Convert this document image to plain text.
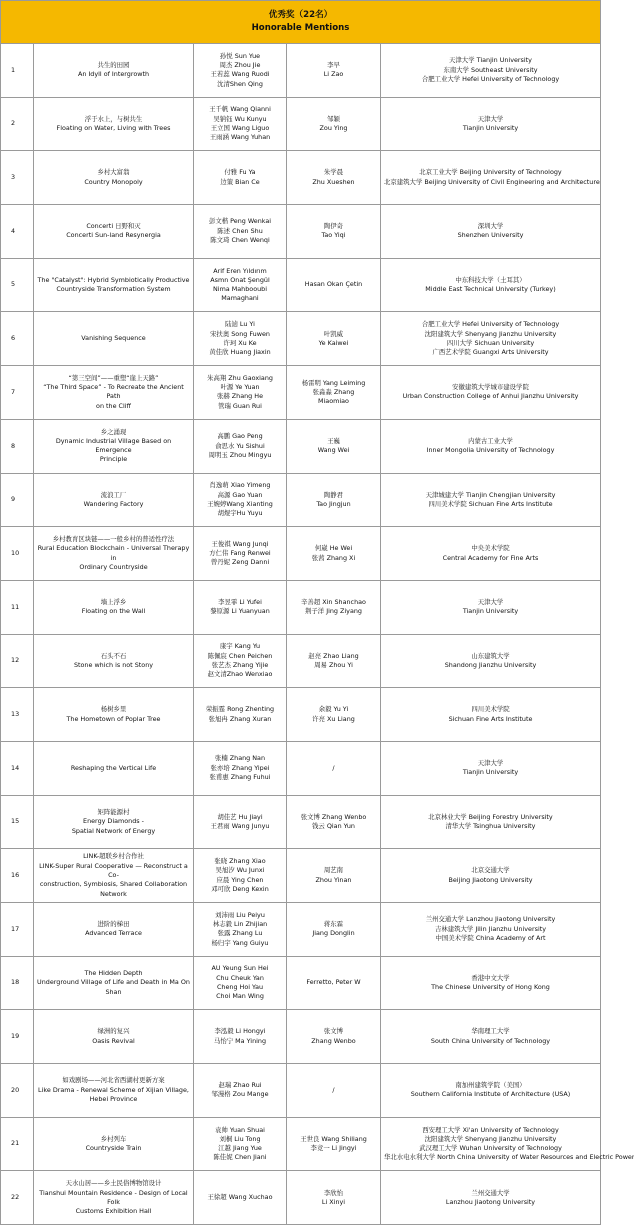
优秀奖（22名）
Honorable Mentions				

1	共生的田园
An Idyll of Intergrowth	孙悦 Sun Yue
周杰 Zhou Jie
王若蕊 Wang Ruodi
沈清Shen Qing	李早
Li Zao	天津大学 Tianjin University
东南大学 Southeast University
合肥工业大学 Hefei University of Technology

2	浮于水上，与树共生
Floating on Water, Living with Trees	王千帆 Wang Qianni
吴钠钰 Wu Kunyu
王立国 Wang Liguo
王雨涵 Wang Yuhan	邹颖
Zou Ying	天津大学
Tianjin University

3	乡村大富翁
Country Monopoly	付雅 Fu Ya
边策 Bian Ce	朱学晨
Zhu Xueshen	北京工业大学 Beijing University of Technology
北京建筑大学 Beijing University of Civil Engineering and Architecture

4	Concerti 日野和灭
Concerti Sun-land Resynergia	彭文楷 Peng Wenkai
陈述 Chen Shu
陈文琦 Chen Wenqi	陶伊奇
Tao Yiqi	深圳大学
Shenzhen University

5	The "Catalyst": Hybrid Symbiotically Productive
Countryside Transformation System	Arif Eren Yıldırım
Asmn Onat Şengül
Nima Mahbooubi
Mamaghani	Hasan Okan Çetin	中东科技大学（土耳其）
Middle East Technical University (Turkey)

6	Vanishing Sequence	陆逌 Lu Yi
宋扶奥 Song Fuwen
许珂 Xu Ke
黄佳欣 Huang Jiaxin	叶凯威
Ye Kaiwei	合肥工业大学 Hefei University of Technology
沈阳建筑大学 Shenyang Jianzhu University
四川大学 Sichuan University
广西艺术学院 Guangxi Arts University

7	“第三空间”——重塑“崖上天路”
“The Third Space” - To Recreate the Ancient Path
on the Cliff	朱高翔 Zhu Gaoxiang
叶源 Ye Yuan
张赫 Zhang He
管瑞 Guan Rui	杨雷明 Yang Leiming
张淼淼 Zhang
Miaomiao	安徽建筑大学城市建设学院
Urban Construction College of Anhui Jianzhu University

8	乡之涌现
Dynamic Industrial Village Based on Emergence
Principle	高鹏 Gao Peng
俞思水 Yu Sishui
周明玉 Zhou Mingyu	王巍
Wang Wei	内蒙古工业大学
Inner Mongolia University of Technology

9	流浪工厂
Wandering Factory	肖逸萌 Xiao Yimeng
高源 Gao Yuan
王婉婷Wang Xianting
胡煜宇Hu Yuyu	陶静君
Tao Jingjun	天津城建大学 Tianjin Chengjian University
四川美术学院 Sichuan Fine Arts Institute

10	乡村教育区块链——一般乡村的普适性疗法
Rural Education Blockchain - Universal Therapy in
Ordinary Countryside	王俊祺 Wang Junqi
方仁伟 Fang Renwei
曾丹妮 Zeng Danni	何崴 He Wei
张茜 Zhang Xi	中央美术学院
Central Academy for Fine Arts

11	墙上浮乡
Floating on the Wall	李昱霏 Li Yufei
黎原源 Li Yuanyuan	辛善超 Xin Shanchao
荆子洋 Jing Ziyang	天津大学
Tianjin University

12	石头不石
Stone which is not Stony	康宇 Kang Yu
陈佩宸 Chen Peichen
张艺杰 Zhang Yijie
赵文清Zhao Wenxiao	赵亮 Zhao Liang
周易 Zhou Yi	山东建筑大学
Shandong Jianzhu University

13	杨树乡里
The Hometown of Poplar Tree	荣振霆 Rong Zhenting
张旭冉 Zhang Xuran	余毅 Yu Yi
许亮 Xu Liang	四川美术学院
Sichuan Fine Arts Institute

14	Reshaping the Vertical Life	张楠 Zhang Nan
张亦培 Zhang Yipei
张甫惠 Zhang Fuhui	/	天津大学
Tianjin University

15	矩阵能源村
Energy Diamonds -
Spatial Network of Energy	胡佳艺 Hu Jiayi
王君雨 Wang Junyu	张文博 Zhang Wenbo
钱云 Qian Yun	北京林业大学 Beijing Forestry University
清华大学 Tsinghua University

16	LINK-超联乡村合作社
LINK-Super Rural Cooperative — Reconstruct a Co-
construction, Symbiosis, Shared Collaboration
Network	张晓 Zhang Xiao
吴旭汐 Wu Junxi
应晨 Ying Chen
邓可欣 Deng Kexin	周艺南
Zhou Yinan	北京交通大学
Beijing Jiaotong University

17	进阶的梯田
Advanced Terrace	刘沛雨 Liu Peiyu
林志毅 Lin Zhijian
张露 Zhang Lu
杨归宇 Yang Guiyu	蒋东霖
Jiang Donglin	兰州交通大学 Lanzhou Jiaotong University
吉林建筑大学 Jilin Jianzhu University
中国美术学院 China Academy of Art

18	The Hidden Depth
Underground Village of Life and Death in Ma On
Shan	AU Yeung Sun Hei
Chu Cheuk Yan
Cheng Hoi Yau
Choi Man Wing	Ferretto, Peter W	香港中文大学
The Chinese University of Hong Kong

19	绿洲的复兴
Oasis Revival	李泓毅 Li Hongyi
马怡宁 Ma Yining	张文博
Zhang Wenbo	华南理工大学
South China University of Technology

20	如戏剧场——河北省西湖村更新方案
Like Drama - Renewal Scheme of Xijian Village,
Hebei Province	赵瑞 Zhao Rui
邹漫格 Zou Mange	/	南加州建筑学院（美国）
Southern California Institute of Architecture (USA)

21	乡村列车
Countryside Train	袁帅 Yuan Shuai
刘桐 Liu Tong
江越 Jiang Yue
陈佳妮 Chen Jiani	王世良 Wang Shiliang
李竞一 Li Jingyi	西安理工大学 Xi'an University of Technology
沈阳建筑大学 Shenyang Jianzhu University
武汉理工大学 Wuhan University of Technology
华北水电水利大学 North China University of Water Resources and Electric Power

22	天水山居——乡土民俗博物馆设计
Tianshui Mountain Residence - Design of Local Folk
Customs Exhibition Hall	王徐超 Wang Xuchao	李欣怡
Li Xinyi	兰州交通大学
Lanzhou Jiaotong University
